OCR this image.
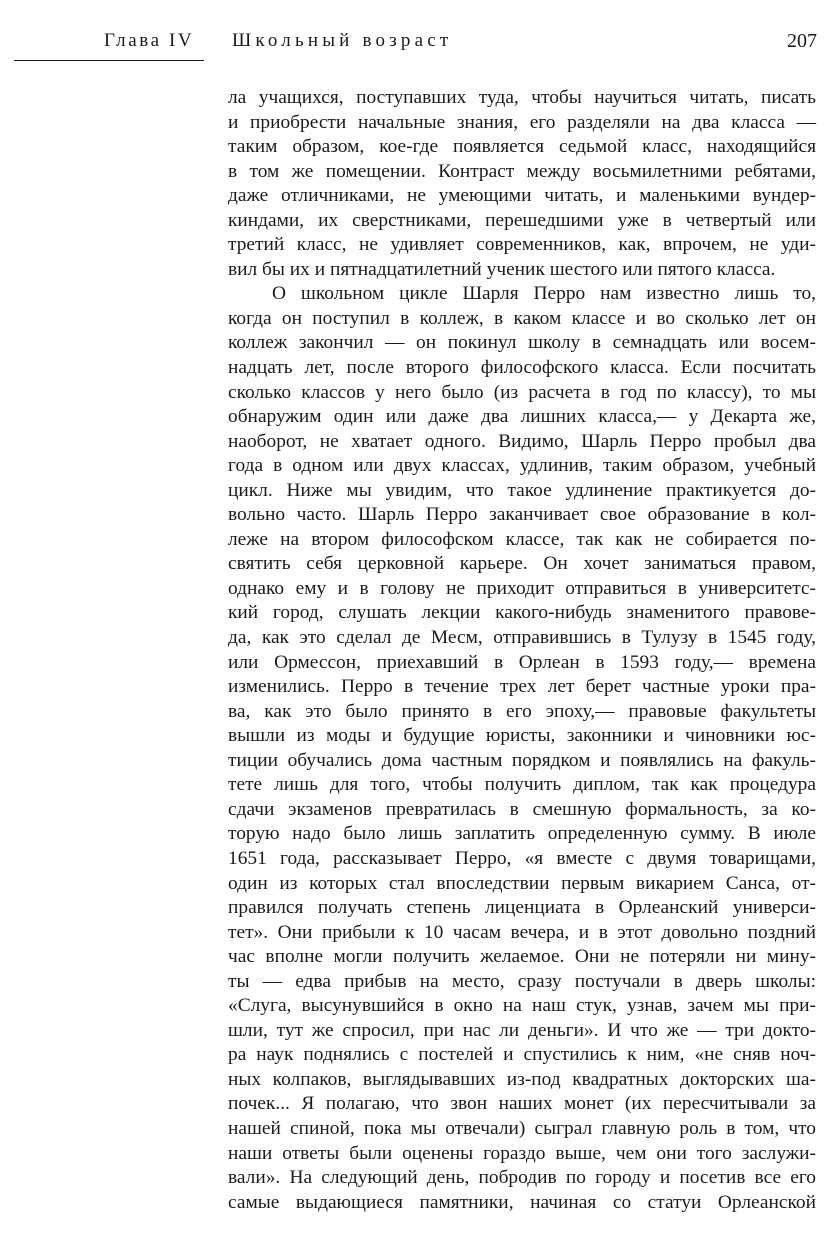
Глава IV Школьный возраст	207
ла учащихся, поступавших туда, чтобы научиться читать, писать
и приобрести начальные знания, его разделяли на два класса —
таким образом, кое-где появляется седьмой класс, находящийся
в том же помещении. Контраст между восьмилетними ребятами,
даже отличниками, не умеющими читать, и маленькими вундер-
киндами, их сверстниками, перешедшими уже в четвертый или
третий класс, не удивляет современников, как, впрочем, не уди-
вил бы их и пятнадцатилетний ученик шестого или пятого класса.
О школьном цикле Шарля Перро нам известно лишь то,
когда он поступил в коллеж, в каком классе и во сколько лет он
коллеж закончил — он покинул школу в семнадцать или восем-
надцать лет, после второго философского класса. Если посчитать
сколько классов у него было (из расчета в год по классу), то мы
обнаружим один или даже два лишних класса,— у Декарта же,
наоборот, не хватает одного. Видимо, Шарль Перро пробыл два
года в одном или двух классах, удлинив, таким образом, учебный
цикл. Ниже мы увидим, что такое удлинение практикуется до-
вольно часто. Шарль Перро заканчивает свое образование в кол-
леже на втором философском классе, так как не собирается по-
святить себя церковной карьере. Он хочет заниматься правом,
однако ему и в голову не приходит отправиться в университетс-
кий город, слушать лекции какого-нибудь знаменитого правове-
да, как это сделал де Месм, отправившись в Тулузу в 1545 году,
или Ормессон, приехавший в Орлеан в 1593 году,— времена
изменились. Перро в течение трех лет берет частные уроки пра-
ва, как это было принято в его эпоху,— правовые факультеты
вышли из моды и будущие юристы, законники и чиновники юс-
тиции обучались дома частным порядком и появлялись на факуль-
тете лишь для того, чтобы получить диплом, так как процедура
сдачи экзаменов превратилась в смешную формальность, за ко-
торую надо было лишь заплатить определенную сумму. В июле
1651 года, рассказывает Перро, «я вместе с двумя товарищами,
один из которых стал впоследствии первым викарием Санса, от-
правился получать степень лиценциата в Орлеанский универси-
тет». Они прибыли к 10 часам вечера, и в этот довольно поздний
час вполне могли получить желаемое. Они не потеряли ни мину-
ты — едва прибыв на место, сразу постучали в дверь школы:
«Слуга, высунувшийся в окно на наш стук, узнав, зачем мы при-
шли, тут же спросил, при нас ли деньги». И что же — три докто-
ра наук поднялись с постелей и спустились к ним, «не сняв ноч-
ных колпаков, выглядывавших из-под квадратных докторских ша-
почек... Я полагаю, что звон наших монет (их пересчитывали за
нашей спиной, пока мы отвечали) сыграл главную роль в том, что
наши ответы были оценены гораздо выше, чем они того заслужи-
вали». На следующий день, побродив по городу и посетив все его
самые выдающиеся памятники, начиная со статуи Орлеанской
